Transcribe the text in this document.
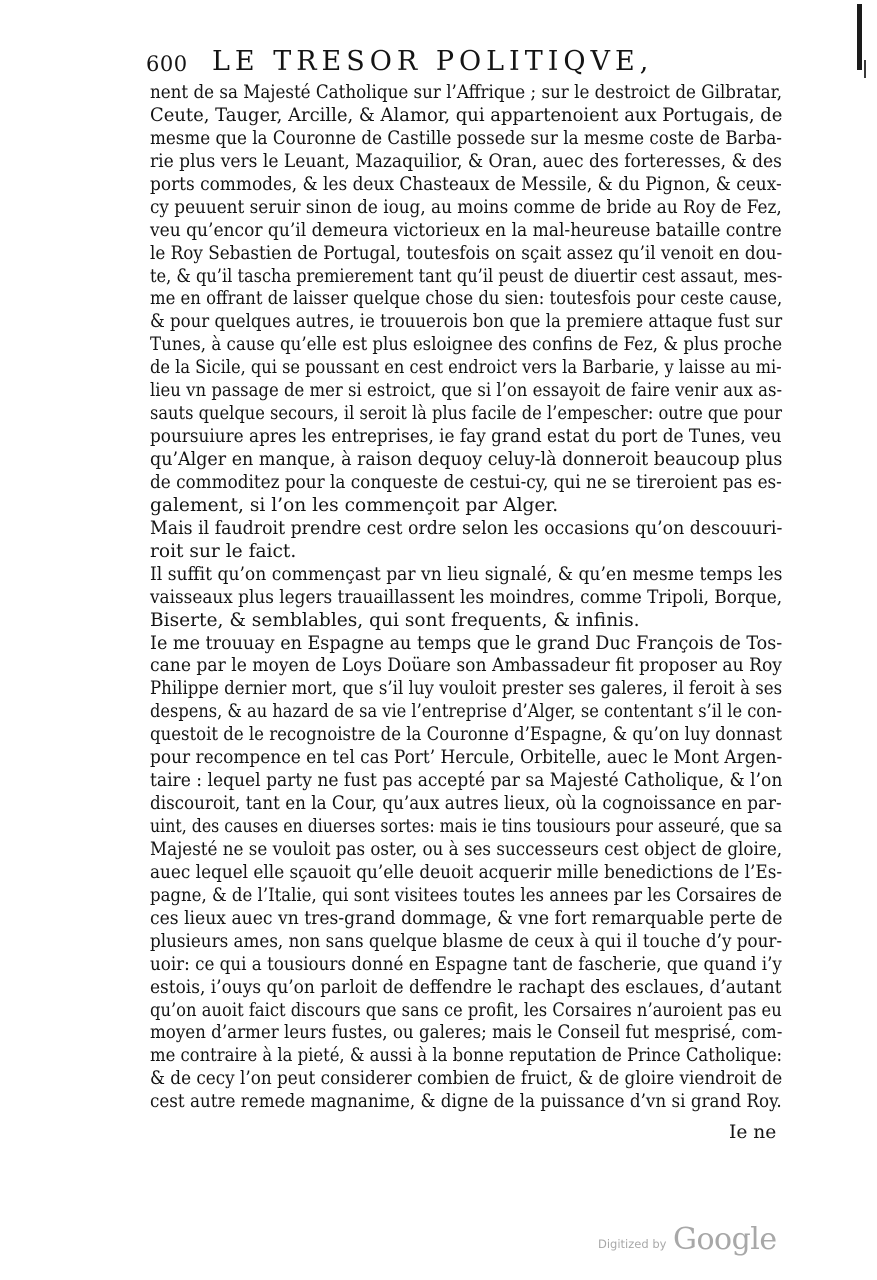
600 LE TRESOR POLITIQVE,
nent de sa Majesté Catholique sur l’Affrique ; sur le destroict de Gilbratar,
Ceute, Tauger, Arcille, & Alamor, qui appartenoient aux Portugais, de
mesme que la Couronne de Castille possede sur la mesme coste de Barba-
rie plus vers le Leuant, Mazaquilior, & Oran, auec des forteresses, & des
ports commodes, & les deux Chasteaux de Messile, & du Pignon, & ceux-
cy peuuent seruir sinon de ioug, au moins comme de bride au Roy de Fez,
veu qu’encor qu’il demeura victorieux en la mal-heureuse bataille contre
le Roy Sebastien de Portugal, toutesfois on sçait assez qu’il venoit en dou-
te, & qu’il tascha premierement tant qu’il peust de diuertir cest assaut, mes-
me en offrant de laisser quelque chose du sien: toutesfois pour ceste cause,
& pour quelques autres, ie trouuerois bon que la premiere attaque fust sur
Tunes, à cause qu’elle est plus esloignee des confins de Fez, & plus proche
de la Sicile, qui se poussant en cest endroict vers la Barbarie, y laisse au mi-
lieu vn passage de mer si estroict, que si l’on essayoit de faire venir aux as-
sauts quelque secours, il seroit là plus facile de l’empescher: outre que pour
poursuiure apres les entreprises, ie fay grand estat du port de Tunes, veu
qu’Alger en manque, à raison dequoy celuy-là donneroit beaucoup plus
de commoditez pour la conqueste de cestui-cy, qui ne se tireroient pas es-
galement, si l’on les commençoit par Alger.
Mais il faudroit prendre cest ordre selon les occasions qu’on descouuri-
roit sur le faict.
Il suffit qu’on commençast par vn lieu signalé, & qu’en mesme temps les
vaisseaux plus legers trauaillassent les moindres, comme Tripoli, Borque,
Biserte, & semblables, qui sont frequents, & infinis.
Ie me trouuay en Espagne au temps que le grand Duc François de Tos-
cane par le moyen de Loys Doüare son Ambassadeur fit proposer au Roy
Philippe dernier mort, que s’il luy vouloit prester ses galeres, il feroit à ses
despens, & au hazard de sa vie l’entreprise d’Alger, se contentant s’il le con-
questoit de le recognoistre de la Couronne d’Espagne, & qu’on luy donnast
pour recompence en tel cas Port’ Hercule, Orbitelle, auec le Mont Argen-
taire : lequel party ne fust pas accepté par sa Majesté Catholique, & l’on
discouroit, tant en la Cour, qu’aux autres lieux, où la cognoissance en par-
uint, des causes en diuerses sortes: mais ie tins tousiours pour asseuré, que sa
Majesté ne se vouloit pas oster, ou à ses successeurs cest object de gloire,
auec lequel elle sçauoit qu’elle deuoit acquerir mille benedictions de l’Es-
pagne, & de l’Italie, qui sont visitees toutes les annees par les Corsaires de
ces lieux auec vn tres-grand dommage, & vne fort remarquable perte de
plusieurs ames, non sans quelque blasme de ceux à qui il touche d’y pour-
uoir: ce qui a tousiours donné en Espagne tant de fascherie, que quand i’y
estois, i’ouys qu’on parloit de deffendre le rachapt des esclaues, d’autant
qu’on auoit faict discours que sans ce profit, les Corsaires n’auroient pas eu
moyen d’armer leurs fustes, ou galeres; mais le Conseil fut mesprisé, com-
me contraire à la pieté, & aussi à la bonne reputation de Prince Catholique:
& de cecy l’on peut considerer combien de fruict, & de gloire viendroit de
cest autre remede magnanime, & digne de la puissance d’vn si grand Roy.
Ie ne
Digitized by Google
